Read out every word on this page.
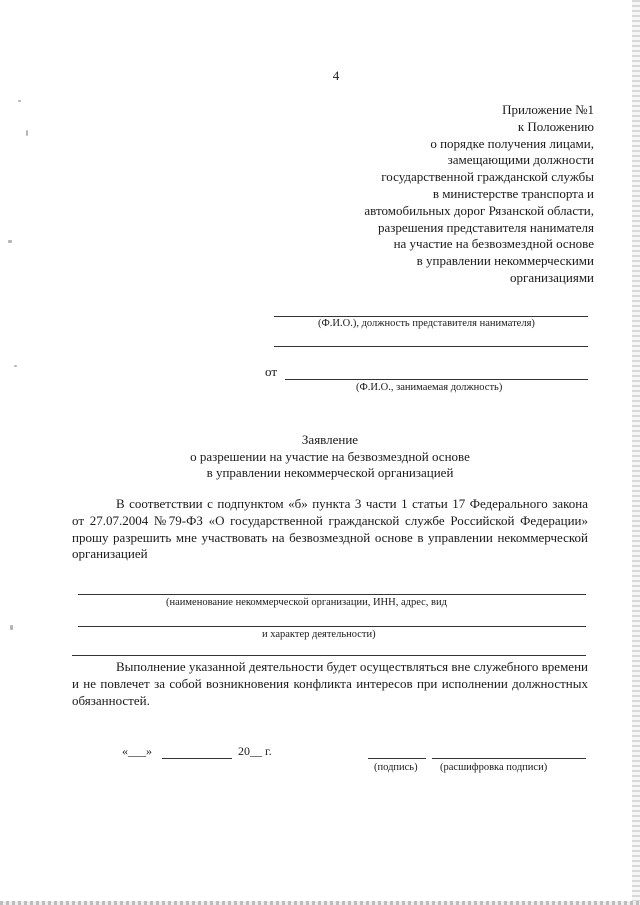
4
Приложение №1
к Положению
о порядке получения лицами,
замещающими должности
государственной гражданской службы
в министерстве транспорта и
автомобильных дорог Рязанской области,
разрешения представителя нанимателя
на участие на безвозмездной основе
в управлении некоммерческими
организациями
(Ф.И.О.), должность представителя нанимателя)
от
(Ф.И.О., занимаемая должность)
Заявление
о разрешении на участие на безвозмездной основе
в управлении некоммерческой организацией
В соответствии с подпунктом «б» пункта 3 части 1 статьи 17 Федерального закона от 27.07.2004 №79-ФЗ «О государственной гражданской службе Российской Федерации» прошу разрешить мне участвовать на безвозмездной основе в управлении некоммерческой организацией
(наименование некоммерческой организации, ИНН, адрес, вид
и характер деятельности)
Выполнение указанной деятельности будет осуществляться вне служебного времени и не повлечет за собой возникновения конфликта интересов при исполнении должностных обязанностей.
«___»	20__ г.
(подпись) (расшифровка подписи)
